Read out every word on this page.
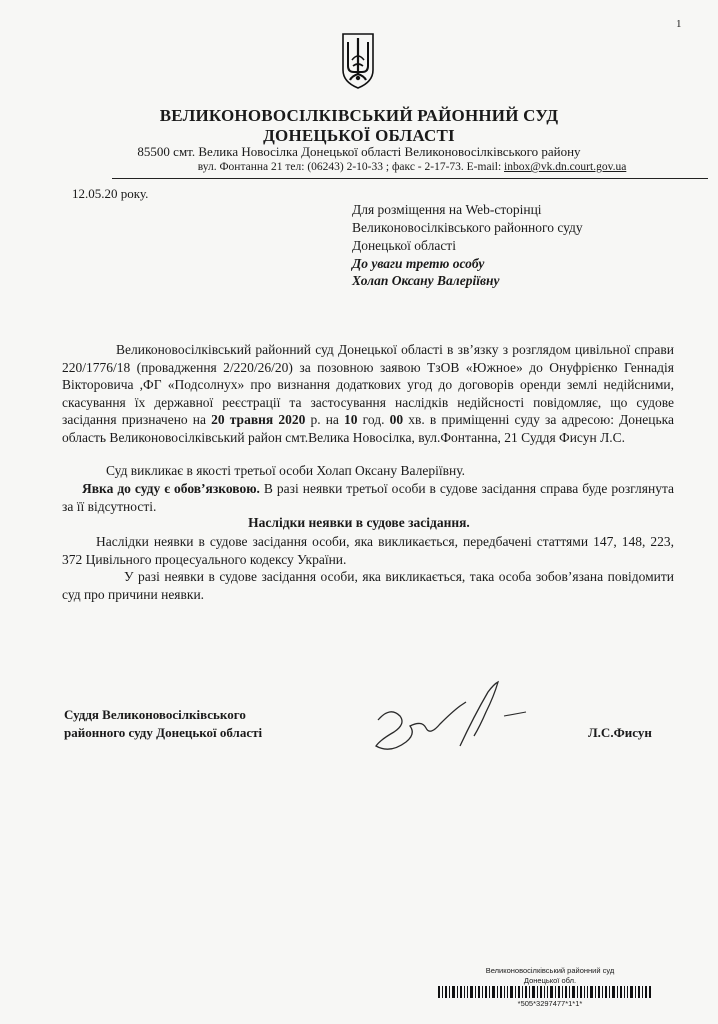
1
ВЕЛИКОНОВОСІЛКІВСЬКИЙ РАЙОННИЙ СУД
ДОНЕЦЬКОЇ ОБЛАСТІ
85500 смт. Велика Новосілка Донецької області Великоновосілківського району
вул. Фонтанна 21 тел: (06243) 2-10-33 ; факс - 2-17-73. E-mail: inbox@vk.dn.court.gov.ua
12.05.20 року.
Для розміщення на Web-сторінці
Великоновосілківського районного суду
Донецької області
До уваги третю особу
Холап Оксану Валеріївну
Великоновосілківський районний суд Донецької області в зв’язку з розглядом цивільної справи 220/1776/18 (провадження 2/220/26/20) за позовною заявою ТзОВ «Южное» до Онуфрієнко Геннадія Вікторовича ,ФГ «Подсолнух» про визнання додаткових угод до договорів оренди землі недійсними, скасування їх державної реєстрації та застосування наслідків недійсності повідомляє, що судове засідання призначено на 20 травня 2020 р. на 10 год. 00 хв. в приміщенні суду за адресою: Донецька область Великоновосілківський район смт.Велика Новосілка, вул.Фонтанна, 21 Суддя Фисун Л.С.
Суд викликає в якості третьої особи Холап Оксану Валеріївну.
Явка до суду є обов’язковою. В разі неявки третьої особи в судове засідання справа буде розглянута за її відсутності.
Наслідки неявки в судове засідання.
Наслідки неявки в судове засідання особи, яка викликається, передбачені статтями 147, 148, 223, 372 Цивільного процесуального кодексу України.
У разі неявки в судове засідання особи, яка викликається, така особа зобов’язана повідомити суд про причини неявки.
Суддя Великоновосілківського
районного суду Донецької області	Л.С.Фисун
Великоновосілківський районний суд
Донецької обл.
*505*3297477*1*1*
